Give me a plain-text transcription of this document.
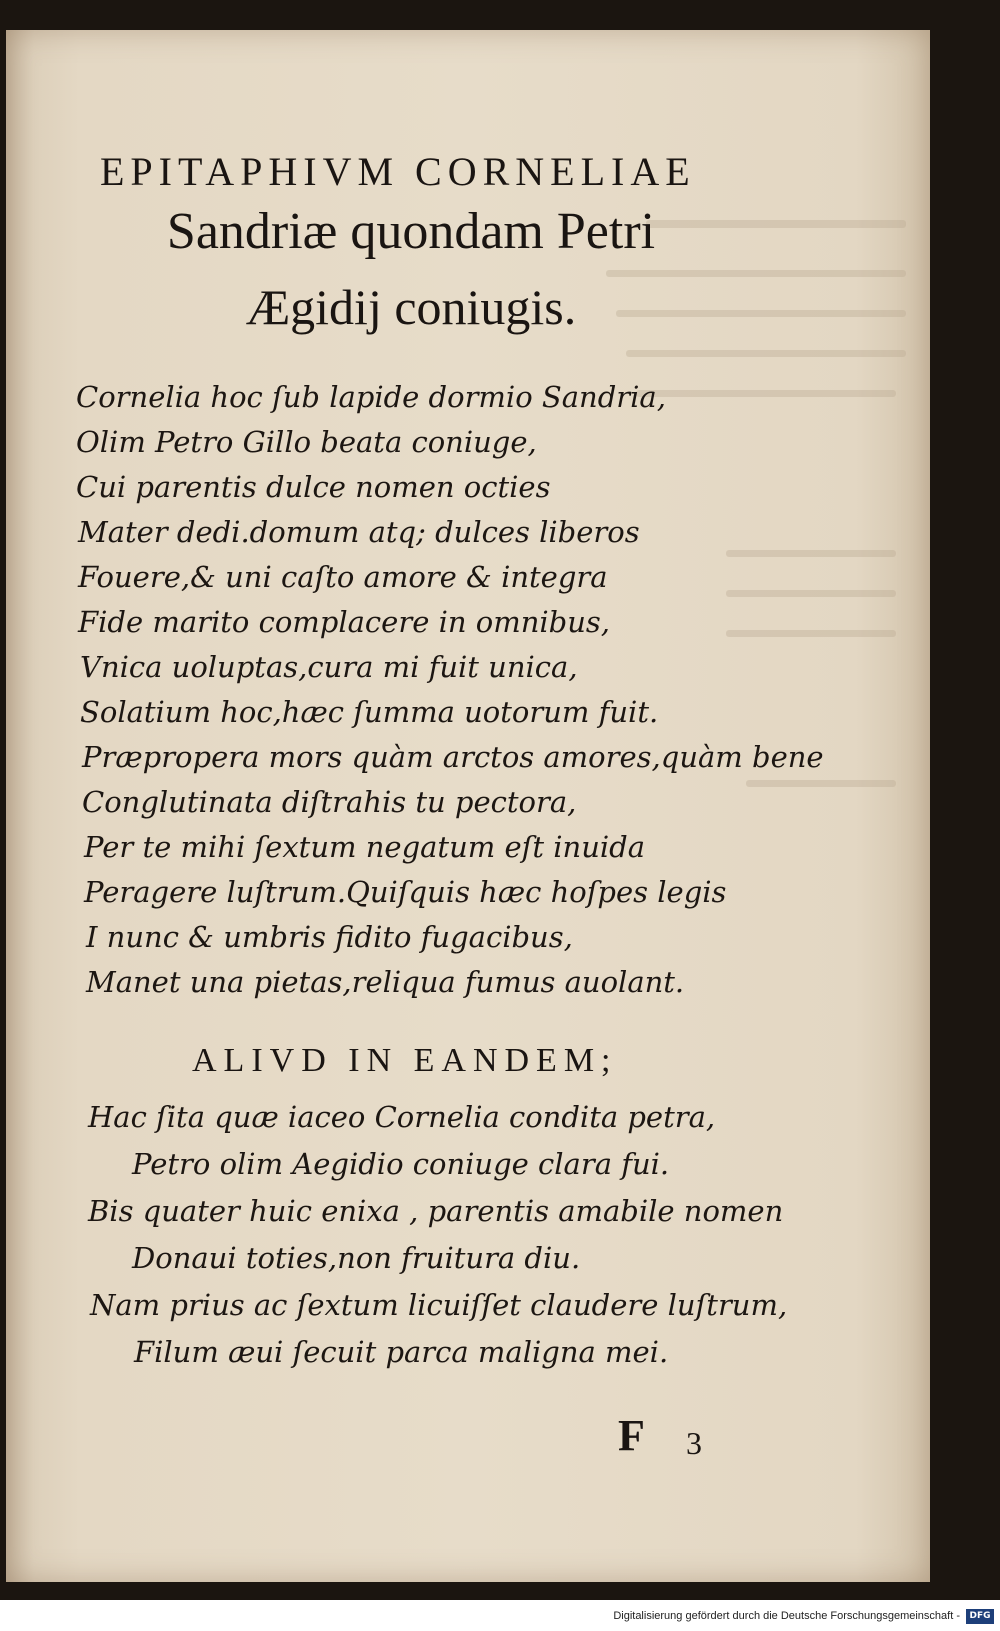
EPITAPHIVM CORNELIAE
Sandriæ quondam Petri
Ægidij coniugis.
Cornelia hoc ſub lapide dormio Sandria,
Olim Petro Gillo beata coniuge,
Cui parentis dulce nomen octies
Mater dedi.domum atq; dulces liberos
Fouere,& uni caſto amore & integra
Fide marito complacere in omnibus,
Vnica uoluptas,cura mi fuit unica,
Solatium hoc,hæc ſumma uotorum fuit.
Præpropera mors quàm arctos amores,quàm bene
Conglutinata diſtrahis tu pectora,
Per te mihi ſextum negatum eſt inuida
Peragere luſtrum.Quiſquis hæc hoſpes legis
I nunc & umbris fidito fugacibus,
Manet una pietas,reliqua fumus auolant.
ALIVD IN EANDEM;
Hac ſita quæ iaceo Cornelia condita petra,
Petro olim Aegidio coniuge clara fui.
Bis quater huic enixa , parentis amabile nomen
Donaui toties,non fruitura diu.
Nam prius ac ſextum licuiſſet claudere luſtrum,
Filum æui ſecuit parca maligna mei.
F 3
Digitalisierung gefördert durch die Deutsche Forschungsgemeinschaft -	DFG
